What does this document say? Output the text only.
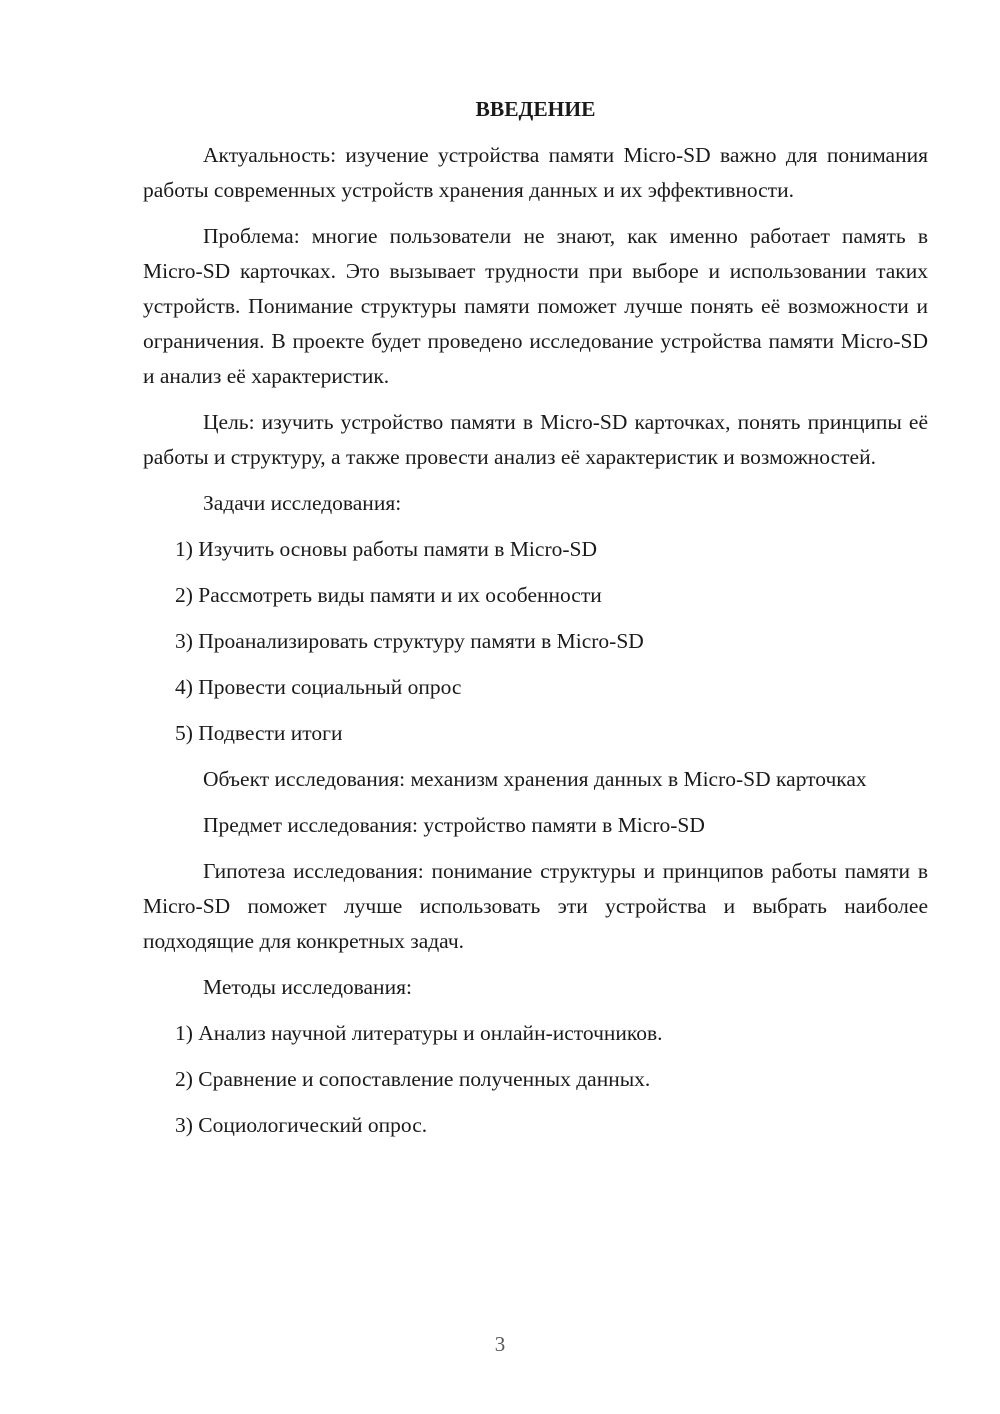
ВВЕДЕНИЕ
Актуальность: изучение устройства памяти Micro-SD важно для понимания работы современных устройств хранения данных и их эффективности.
Проблема: многие пользователи не знают, как именно работает память в Micro-SD карточках. Это вызывает трудности при выборе и использовании таких устройств. Понимание структуры памяти поможет лучше понять её возможности и ограничения. В проекте будет проведено исследование устройства памяти Micro-SD и анализ её характеристик.
Цель: изучить устройство памяти в Micro-SD карточках, понять принципы её работы и структуру, а также провести анализ её характеристик и возможностей.
Задачи исследования:
1) Изучить основы работы памяти в Micro-SD
2) Рассмотреть виды памяти и их особенности
3) Проанализировать структуру памяти в Micro-SD
4) Провести социальный опрос
5) Подвести итоги
Объект исследования: механизм хранения данных в Micro-SD карточках
Предмет исследования: устройство памяти в Micro-SD
Гипотеза исследования: понимание структуры и принципов работы памяти в Micro-SD поможет лучше использовать эти устройства и выбрать наиболее подходящие для конкретных задач.
Методы исследования:
1) Анализ научной литературы и онлайн-источников.
2) Сравнение и сопоставление полученных данных.
3) Социологический опрос.
3
